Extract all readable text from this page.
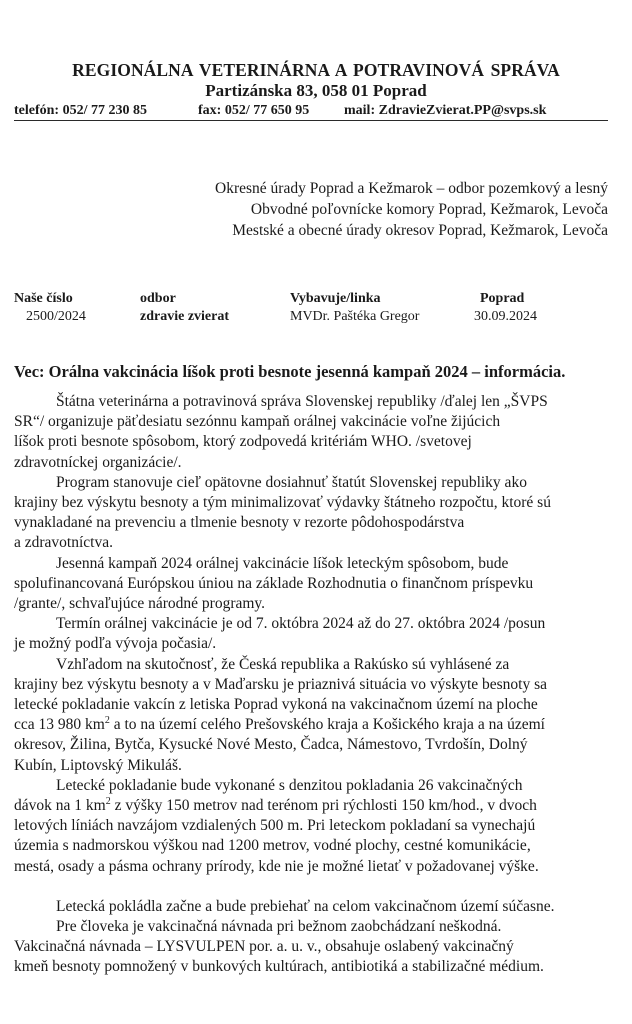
REGIONÁLNA VETERINÁRNA A POTRAVINOVÁ SPRÁVA
Partizánska 83, 058 01 Poprad
telefón: 052/ 77 230 85	fax: 052/ 77 650 95 mail: ZdravieZvierat.PP@svps.sk
Okresné úrady Poprad a Kežmarok – odbor pozemkový a lesný
Obvodné poľovnícke komory Poprad, Kežmarok, Levoča
Mestské a obecné úrady okresov Poprad, Kežmarok, Levoča
Naše číslo
2500/2024
odbor
zdravie zvierat
Vybavuje/linka
MVDr. Paštéka Gregor
Poprad
30.09.2024
Vec: Orálna vakcinácia líšok proti besnote jesenná kampaň 2024 – informácia.

Štátna veterinárna a potravinová správa Slovenskej republiky /ďalej len „ŠVPS
SR“/ organizuje päťdesiatu sezónnu kampaň orálnej vakcinácie voľne žijúcich
líšok proti besnote spôsobom, ktorý zodpovedá kritériám WHO. /svetovej
zdravotníckej organizácie/.

Program stanovuje cieľ opätovne dosiahnuť štatút Slovenskej republiky ako
krajiny bez výskytu besnoty a tým minimalizovať výdavky štátneho rozpočtu, ktoré sú
vynakladané na prevenciu a tlmenie besnoty v rezorte pôdohospodárstva
a zdravotníctva.

Jesenná kampaň 2024 orálnej vakcinácie líšok leteckým spôsobom, bude
spolufinancovaná Európskou úniou na základe Rozhodnutia o finančnom príspevku
/grante/, schvaľujúce národné programy.

Termín orálnej vakcinácie je od 7. októbra 2024 až do 27. októbra 2024 /posun
je možný podľa vývoja počasia/.

Vzhľadom na skutočnosť, že Česká republika a Rakúsko sú vyhlásené za
krajiny bez výskytu besnoty a v Maďarsku je priaznivá situácia vo výskyte besnoty sa
letecké pokladanie vakcín z letiska Poprad vykoná na vakcinačnom území na ploche
cca 13 980 $km^2$ a to na území celého Prešovského kraja a Košického kraja a na území
okresov, Žilina, Bytča, Kysucké Nové Mesto, Čadca, Námestovo, Tvrdošín, Dolný
Kubín, Liptovský Mikuláš.

Letecké pokladanie bude vykonané s denzitou pokladania 26 vakcinačných
dávok na 1 $km^2$ z výšky 150 metrov nad terénom pri rýchlosti 150 km/hod., v dvoch
letových líniách navzájom vzdialených 500 m. Pri leteckom pokladaní sa vynechajú
územia s nadmorskou výškou nad 1200 metrov, vodné plochy, cestné komunikácie,
mestá, osady a pásma ochrany prírody, kde nie je možné lietať v požadovanej výške.

Letecká pokládla začne a bude prebiehať na celom vakcinačnom území súčasne.

Pre človeka je vakcinačná návnada pri bežnom zaobchádzaní neškodná.
Vakcinačná návnada – LYSVULPEN por. a. u. v., obsahuje oslabený vakcinačný
kmeň besnoty pomnožený v bunkových kultúrach, antibiotiká a stabilizačné médium.
